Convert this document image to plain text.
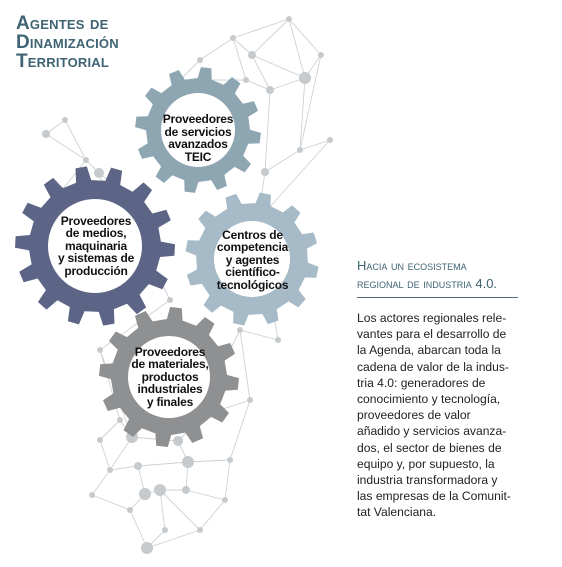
Agentes de
Dinamización
Territorial
Proveedores
de servicios
avanzados
TEIC
Proveedores
de medios,
maquinaria
y sistemas de
producción
Centros de
competencia
y agentes
científico-
tecnológicos
Proveedores
de materiales,
productos
industriales
y finales
Hacia un ecosistema
regional de industria 4.0.

Los actores regionales rele-
vantes para el desarrollo de
la Agenda, abarcan toda la
cadena de valor de la indus-
tria 4.0: generadores de
conocimiento y tecnología,
proveedores de valor
añadido y servicios avanza-
dos, el sector de bienes de
equipo y, por supuesto, la
industria transformadora y
las empresas de la Comunit-
tat Valenciana.
